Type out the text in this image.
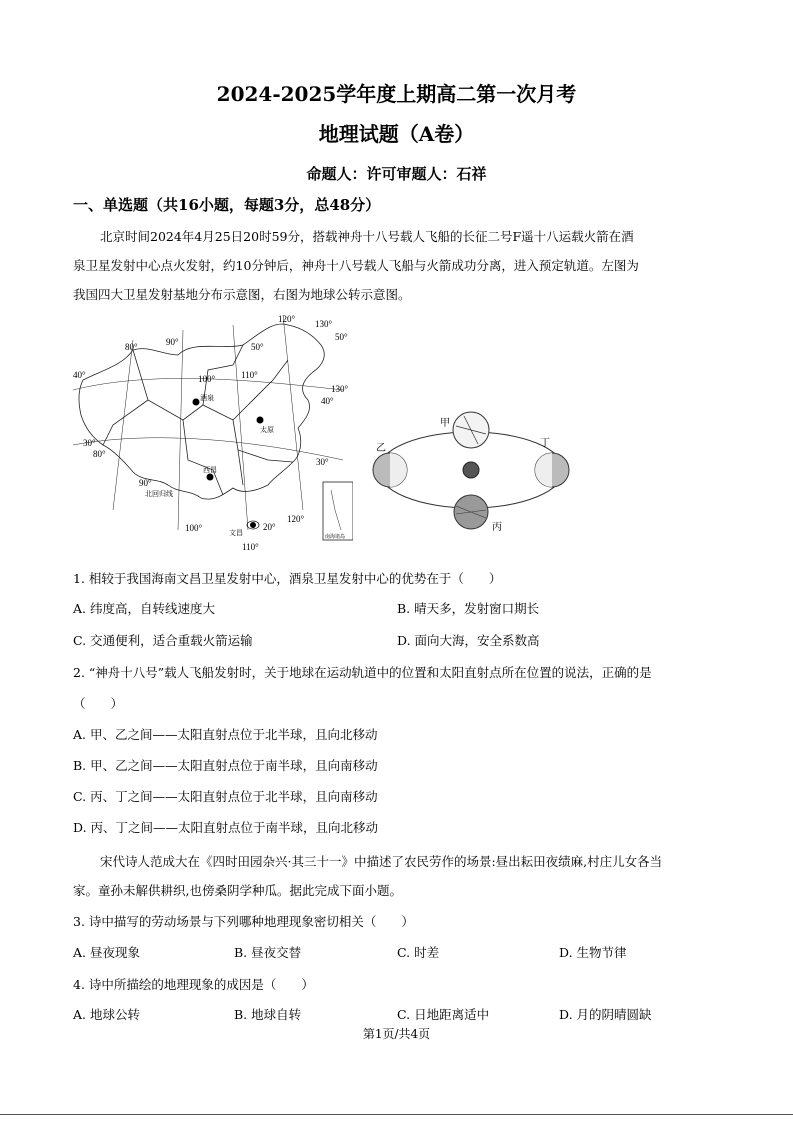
2024-2025学年度上期高二第一次月考
地理试题（A卷）
命题人：许可审题人：石祥
一、单选题（共16小题，每题3分，总48分）
北京时间2024年4月25日20时59分，搭载神舟十八号载人飞船的长征二号F遥十八运载火箭在酒
泉卫星发射中心点火发射，约10分钟后，神舟十八号载人飞船与火箭成功分离，进入预定轨道。左图为
我国四大卫星发射基地分布示意图，右图为地球公转示意图。
120° 130°
90°
80°	50°
50°
100°	110°
130°
40°
40°
30°
80°
90°
30°
120°
100°
110°
20°
酒泉
太原
西昌
文昌
北回归线
南海诸岛
甲
乙
丙
丁
1. 相较于我国海南文昌卫星发射中心，酒泉卫星发射中心的优势在于（　　）
A. 纬度高，自转线速度大	B. 晴天多，发射窗口期长
C. 交通便利，适合重载火箭运输	D. 面向大海，安全系数高
2. “神舟十八号”载人飞船发射时，关于地球在运动轨道中的位置和太阳直射点所在位置的说法，正确的是
（　　）
A. 甲、乙之间——太阳直射点位于北半球，且向北移动
B. 甲、乙之间——太阳直射点位于南半球，且向南移动
C. 丙、丁之间——太阳直射点位于北半球，且向南移动
D. 丙、丁之间——太阳直射点位于南半球，且向北移动
宋代诗人范成大在《四时田园杂兴·其三十一》中描述了农民劳作的场景:昼出耘田夜绩麻,村庄儿女各当
家。童孙未解供耕织,也傍桑阴学种瓜。据此完成下面小题。
3. 诗中描写的劳动场景与下列哪种地理现象密切相关（　　）
A. 昼夜现象	B. 昼夜交替	C. 时差	D. 生物节律
4. 诗中所描绘的地理现象的成因是（　　）
A. 地球公转	B. 地球自转	C. 日地距离适中	D. 月的阴晴圆缺
第1页/共4页
